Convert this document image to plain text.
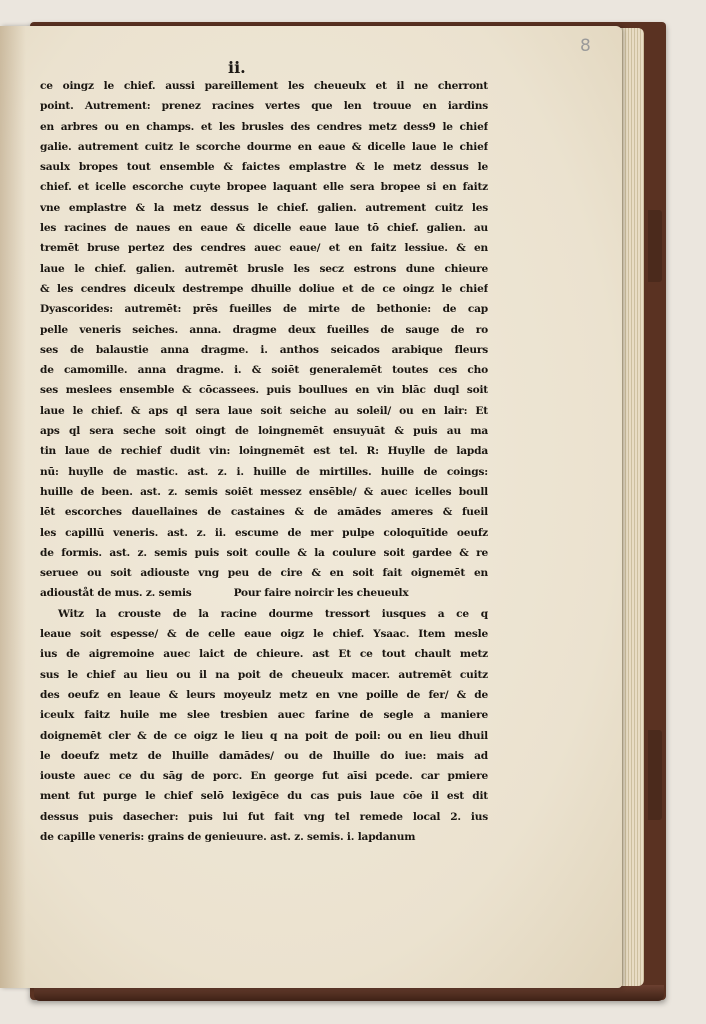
8

ii.

ce oingz le chief. aussi pareillement les cheueulx et il ne cherront
point. Autrement: prenez racines vertes que len trouue en iardins
en arbres ou en champs. et les brusles des cendres metz dess9 le chief
galie. autrement cuitz le scorche dourme en eaue & dicelle laue le chief
saulx bropes tout ensemble & faictes emplastre & le metz dessus le
chief. et icelle escorche cuyte bropee laquant elle sera bropee si en faitz
vne emplastre & la metz dessus le chief. galien. autrement cuitz les
les racines de naues en eaue & dicelle eaue laue tō chief. galien. au
tremēt bruse pertez des cendres auec eaue/ et en faitz lessiue. & en
laue le chief. galien. autremēt brusle les secz estrons dune chieure
& les cendres diceulx destrempe dhuille doliue et de ce oingz le chief
Dyascorides: autremēt: prēs fueilles de mirte de bethonie: de cap
pelle veneris seiches. anna. dragme deux fueilles de sauge de ro
ses de balaustie anna dragme. i. anthos seicados arabique fleurs
de camomille. anna dragme. i. & soiēt generalemēt toutes ces cho
ses meslees ensemble & cōcassees. puis boullues en vin blāc duql soit
laue le chief. & aps ql sera laue soit seiche au soleil/ ou en lair: Et
aps ql sera seche soit oingt de loingnemēt ensuyuāt & puis au ma
tin laue de rechief dudit vin: loingnemēt est tel. R: Huylle de lapda
nū: huylle de mastic. ast. z. i. huille de mirtilles. huille de coings:
huille de been. ast. z. semis soiēt messez ensēble/ & auec icelles boull
lēt escorches dauellaines de castaines & de amādes ameres & fueil
les capillū veneris. ast. z. ii. escume de mer pulpe coloquītide oeufz
de formis. ast. z. semis puis soit coulle & la coulure soit gardee & re
seruee ou soit adiouste vng peu de cire & en soit fait oignemēt en
adiouståt de mus. z. semis	Pour faire noircir les cheueulx
Witz la crouste de la racine dourme tressort iusques a ce q
leaue soit espesse/ & de celle eaue oigz le chief. Ysaac. Item mesle
ius de aigremoine auec laict de chieure. ast Et ce tout chault metz
sus le chief au lieu ou il na poit de cheueulx macer. autremēt cuitz
des oeufz en leaue & leurs moyeulz metz en vne poille de fer/ & de
iceulx faitz huile me slee tresbien auec farine de segle a maniere
doignemēt cler & de ce oigz le lieu q na poit de poil: ou en lieu dhuil
le doeufz metz de lhuille damādes/ ou de lhuille do iue: mais ad
iouste auec ce du sāg de porc. En george fut aīsi pcede. car pmiere
ment fut purge le chief selō lexigēce du cas puis laue cōe il est dit
dessus puis dasecher: puis lui fut fait vng tel remede local 2. ius
de capille veneris: grains de genieuure. ast. z. semis. i. lapdanum
